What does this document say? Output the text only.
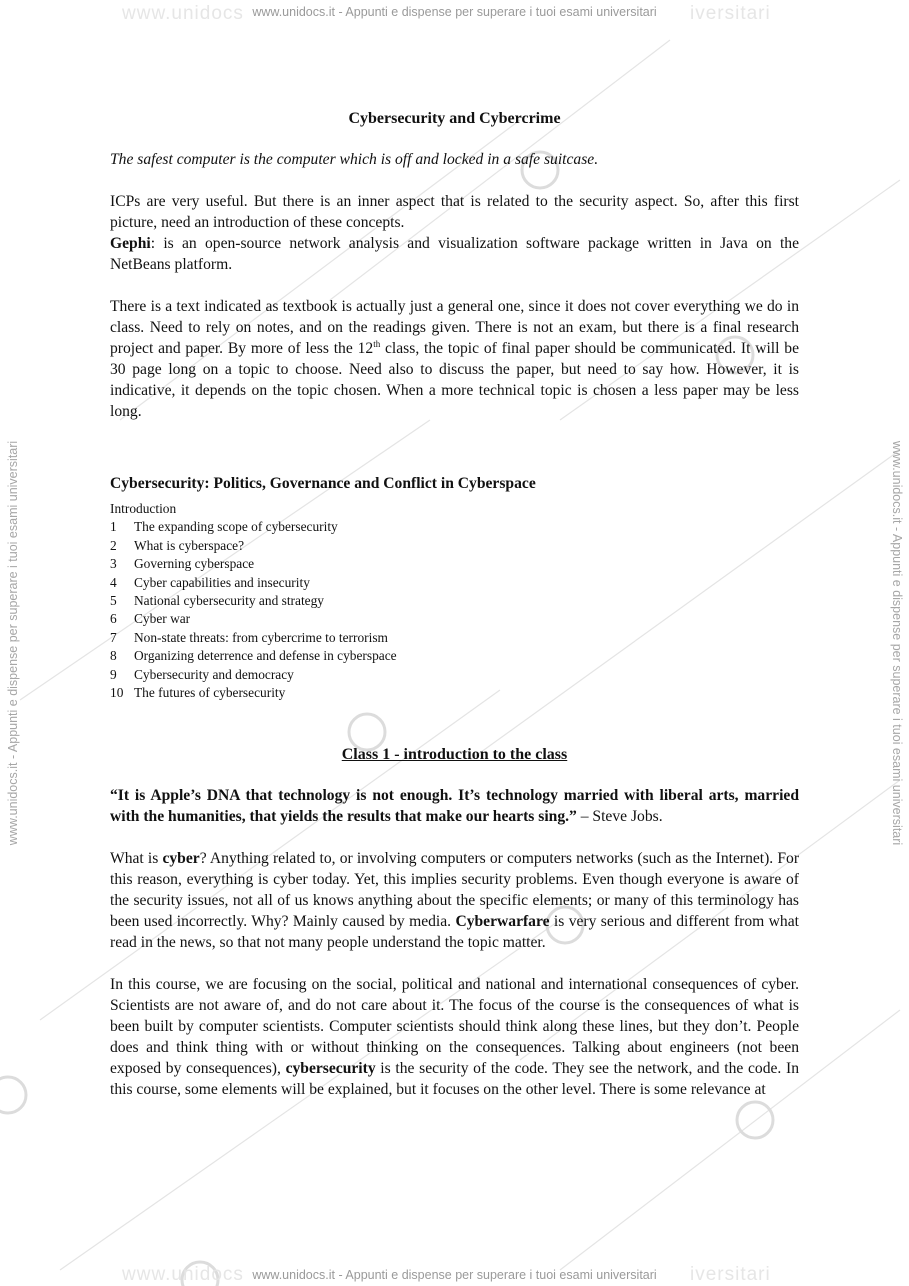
www.unidocs	iversitari
www.unidocs.it - Appunti e dispense per superare i tuoi esami universitari
www.unidocs	iversitari
www.unidocs.it - Appunti e dispense per superare i tuoi esami universitari
www.unidocs.it - Appunti e dispense per superare i tuoi esami universitari	www.unidocs.it - Appunti e dispense per superare i tuoi esami universitari
Cybersecurity and Cybercrime

The safest computer is the computer which is off and locked in a safe suitcase.

ICPs are very useful. But there is an inner aspect that is related to the security aspect. So, after this first picture, need an introduction of these concepts.

Gephi: is an open-source network analysis and visualization software package written in Java on the NetBeans platform.

There is a text indicated as textbook is actually just a general one, since it does not cover everything we do in class. Need to rely on notes, and on the readings given. There is not an exam, but there is a final research project and paper. By more of less the 12th class, the topic of final paper should be communicated. It will be 30 page long on a topic to choose. Need also to discuss the paper, but need to say how. However, it is indicative, it depends on the topic chosen. When a more technical topic is chosen a less paper may be less long.

Cybersecurity: Politics, Governance and Conflict in Cyberspace
Introduction
1	The expanding scope of cybersecurity
2	What is cyberspace?
3	Governing cyberspace
4	Cyber capabilities and insecurity
5	National cybersecurity and strategy
6	Cyber war
7	Non-state threats: from cybercrime to terrorism
8	Organizing deterrence and defense in cyberspace
9	Cybersecurity and democracy
10 The futures of cybersecurity
Class 1 - introduction to the class

“It is Apple’s DNA that technology is not enough. It’s technology married with liberal arts, married with the humanities, that yields the results that make our hearts sing.” – Steve Jobs.

What is cyber? Anything related to, or involving computers or computers networks (such as the Internet). For this reason, everything is cyber today. Yet, this implies security problems. Even though everyone is aware of the security issues, not all of us knows anything about the specific elements; or many of this terminology has been used incorrectly. Why? Mainly caused by media. Cyberwarfare is very serious and different from what read in the news, so that not many people understand the topic matter.

In this course, we are focusing on the social, political and national and international consequences of cyber. Scientists are not aware of, and do not care about it. The focus of the course is the consequences of what is been built by computer scientists. Computer scientists should think along these lines, but they don’t. People does and think thing with or without thinking on the consequences. Talking about engineers (not been exposed by consequences), cybersecurity is the security of the code. They see the network, and the code. In this course, some elements will be explained, but it focuses on the other level. There is some relevance at
